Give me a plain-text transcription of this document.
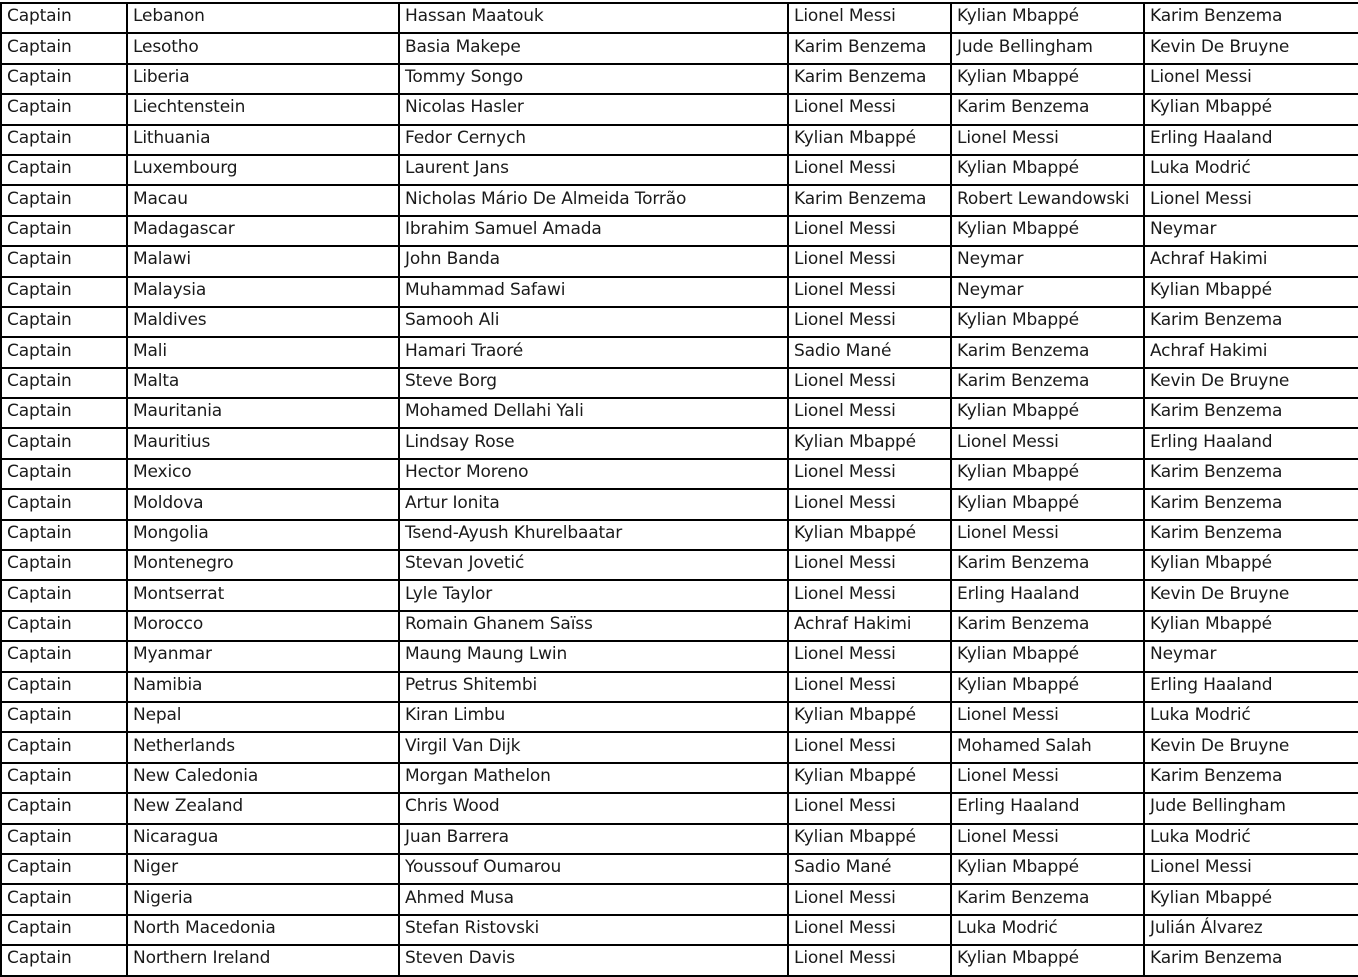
Captain	Lebanon	Hassan Maatouk	Lionel Messi	Kylian Mbappé	Karim Benzema
Captain	Lesotho	Basia Makepe	Karim Benzema	Jude Bellingham	Kevin De Bruyne
Captain	Liberia	Tommy Songo	Karim Benzema	Kylian Mbappé	Lionel Messi
Captain	Liechtenstein	Nicolas Hasler	Lionel Messi	Karim Benzema	Kylian Mbappé
Captain	Lithuania	Fedor Cernych	Kylian Mbappé	Lionel Messi	Erling Haaland
Captain	Luxembourg	Laurent Jans	Lionel Messi	Kylian Mbappé	Luka Modrić
Captain	Macau	Nicholas Mário De Almeida Torrão	Karim Benzema	Robert Lewandowski	Lionel Messi
Captain	Madagascar	Ibrahim Samuel Amada	Lionel Messi	Kylian Mbappé	Neymar
Captain	Malawi	John Banda	Lionel Messi	Neymar	Achraf Hakimi
Captain	Malaysia	Muhammad Safawi	Lionel Messi	Neymar	Kylian Mbappé
Captain	Maldives	Samooh Ali	Lionel Messi	Kylian Mbappé	Karim Benzema
Captain	Mali	Hamari Traoré	Sadio Mané	Karim Benzema	Achraf Hakimi
Captain	Malta	Steve Borg	Lionel Messi	Karim Benzema	Kevin De Bruyne
Captain	Mauritania	Mohamed Dellahi Yali	Lionel Messi	Kylian Mbappé	Karim Benzema
Captain	Mauritius	Lindsay Rose	Kylian Mbappé	Lionel Messi	Erling Haaland
Captain	Mexico	Hector Moreno	Lionel Messi	Kylian Mbappé	Karim Benzema
Captain	Moldova	Artur Ionita	Lionel Messi	Kylian Mbappé	Karim Benzema
Captain	Mongolia	Tsend-Ayush Khurelbaatar	Kylian Mbappé	Lionel Messi	Karim Benzema
Captain	Montenegro	Stevan Jovetić	Lionel Messi	Karim Benzema	Kylian Mbappé
Captain	Montserrat	Lyle Taylor	Lionel Messi	Erling Haaland	Kevin De Bruyne
Captain	Morocco	Romain Ghanem Saïss	Achraf Hakimi	Karim Benzema	Kylian Mbappé
Captain	Myanmar	Maung Maung Lwin	Lionel Messi	Kylian Mbappé	Neymar
Captain	Namibia	Petrus Shitembi	Lionel Messi	Kylian Mbappé	Erling Haaland
Captain	Nepal	Kiran Limbu	Kylian Mbappé	Lionel Messi	Luka Modrić
Captain	Netherlands	Virgil Van Dijk	Lionel Messi	Mohamed Salah	Kevin De Bruyne
Captain	New Caledonia	Morgan Mathelon	Kylian Mbappé	Lionel Messi	Karim Benzema
Captain	New Zealand	Chris Wood	Lionel Messi	Erling Haaland	Jude Bellingham
Captain	Nicaragua	Juan Barrera	Kylian Mbappé	Lionel Messi	Luka Modrić
Captain	Niger	Youssouf Oumarou	Sadio Mané	Kylian Mbappé	Lionel Messi
Captain	Nigeria	Ahmed Musa	Lionel Messi	Karim Benzema	Kylian Mbappé
Captain	North Macedonia	Stefan Ristovski	Lionel Messi	Luka Modrić	Julián Álvarez
Captain	Northern Ireland	Steven Davis	Lionel Messi	Kylian Mbappé	Karim Benzema
